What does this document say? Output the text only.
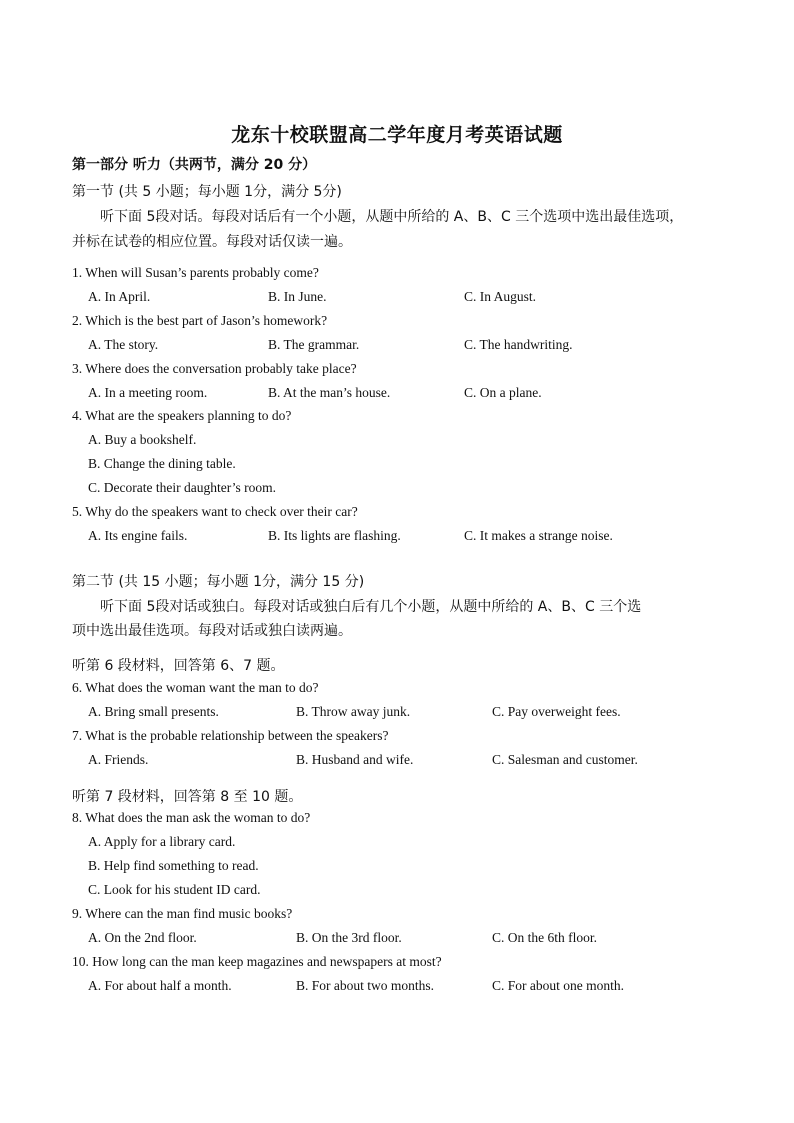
龙东十校联盟高二学年度月考英语试题
第一部分 听力（共两节，满分 20 分）
第一节 (共 5 小题；每小题 1分，满分 5分)
听下面 5段对话。每段对话后有一个小题，从题中所给的 A、B、C 三个选项中选出最佳选项，
并标在试卷的相应位置。每段对话仅读一遍。
1. When will Susan’s parents probably come?
A. In April.	B. In June.	C. In August.
2. Which is the best part of Jason’s homework?
A. The story.	B. The grammar.	C. The handwriting.
3. Where does the conversation probably take place?
A. In a meeting room.	B. At the man’s house.	C. On a plane.
4. What are the speakers planning to do?
A. Buy a bookshelf.
B. Change the dining table.
C. Decorate their daughter’s room.
5. Why do the speakers want to check over their car?
A. Its engine fails.	B. Its lights are flashing.	C. It makes a strange noise.
第二节 (共 15 小题；每小题 1分，满分 15 分)
听下面 5段对话或独白。每段对话或独白后有几个小题，从题中所给的 A、B、C 三个选
项中选出最佳选项。每段对话或独白读两遍。
听第 6 段材料，回答第 6、7 题。
6. What does the woman want the man to do?
A. Bring small presents.	B. Throw away junk.	C. Pay overweight fees.
7. What is the probable relationship between the speakers?
A. Friends.	B. Husband and wife.	C. Salesman and customer.
听第 7 段材料，回答第 8 至 10 题。
8. What does the man ask the woman to do?
A. Apply for a library card.
B. Help find something to read.
C. Look for his student ID card.
9. Where can the man find music books?
A. On the 2nd floor.	B. On the 3rd floor.	C. On the 6th floor.
10. How long can the man keep magazines and newspapers at most?
A. For about half a month.	B. For about two months.	C. For about one month.
